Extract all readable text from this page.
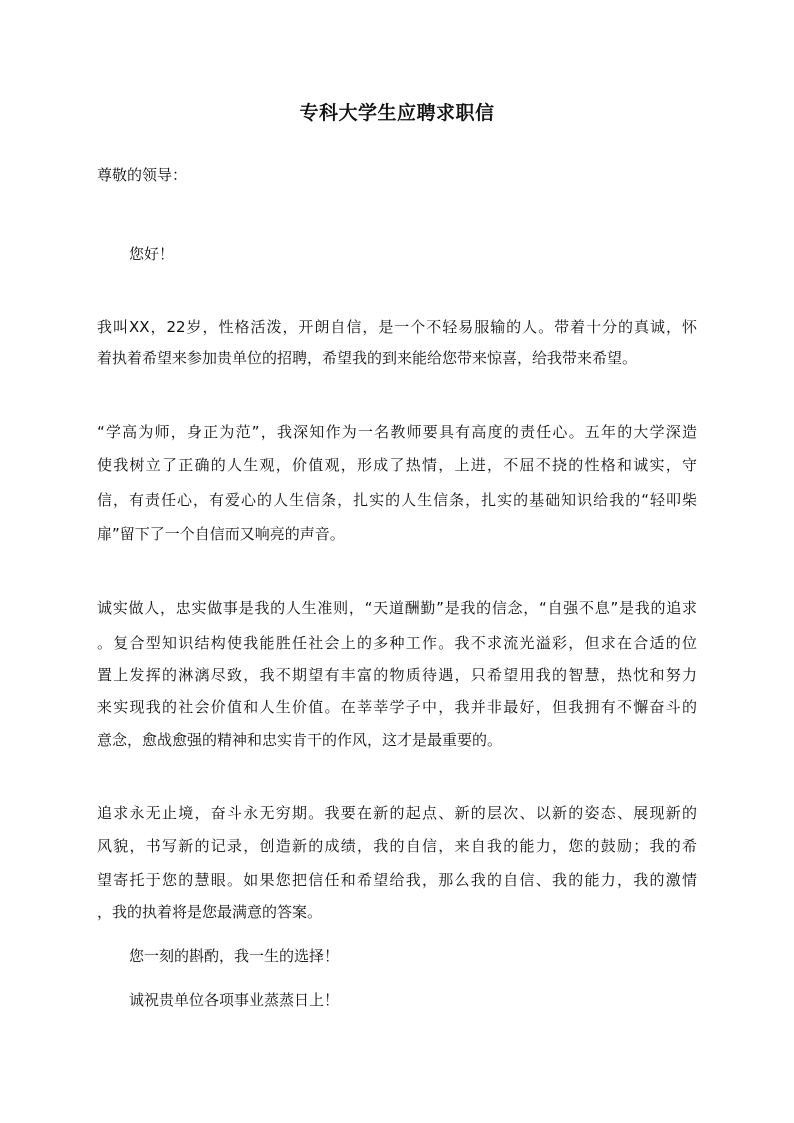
专科大学生应聘求职信
尊敬的领导：
您好！
我叫XX，22岁，性格活泼，开朗自信，是一个不轻易服输的人。带着十分的真诚，怀
着执着希望来参加贵单位的招聘，希望我的到来能给您带来惊喜，给我带来希望。
“学高为师，身正为范”，我深知作为一名教师要具有高度的责任心。五年的大学深造
使我树立了正确的人生观，价值观，形成了热情，上进，不屈不挠的性格和诚实，守
信，有责任心，有爱心的人生信条，扎实的人生信条，扎实的基础知识给我的“轻叩柴
扉”留下了一个自信而又响亮的声音。
诚实做人，忠实做事是我的人生准则，“天道酬勤”是我的信念，“自强不息”是我的追求
。复合型知识结构使我能胜任社会上的多种工作。我不求流光溢彩，但求在合适的位
置上发挥的淋漓尽致，我不期望有丰富的物质待遇，只希望用我的智慧，热忱和努力
来实现我的社会价值和人生价值。在莘莘学子中，我并非最好，但我拥有不懈奋斗的
意念，愈战愈强的精神和忠实肯干的作风，这才是最重要的。
追求永无止境，奋斗永无穷期。我要在新的起点、新的层次、以新的姿态、展现新的
风貌，书写新的记录，创造新的成绩，我的自信，来自我的能力，您的鼓励；我的希
望寄托于您的慧眼。如果您把信任和希望给我，那么我的自信、我的能力，我的激情
，我的执着将是您最满意的答案。
您一刻的斟酌，我一生的选择！
诚祝贵单位各项事业蒸蒸日上！
